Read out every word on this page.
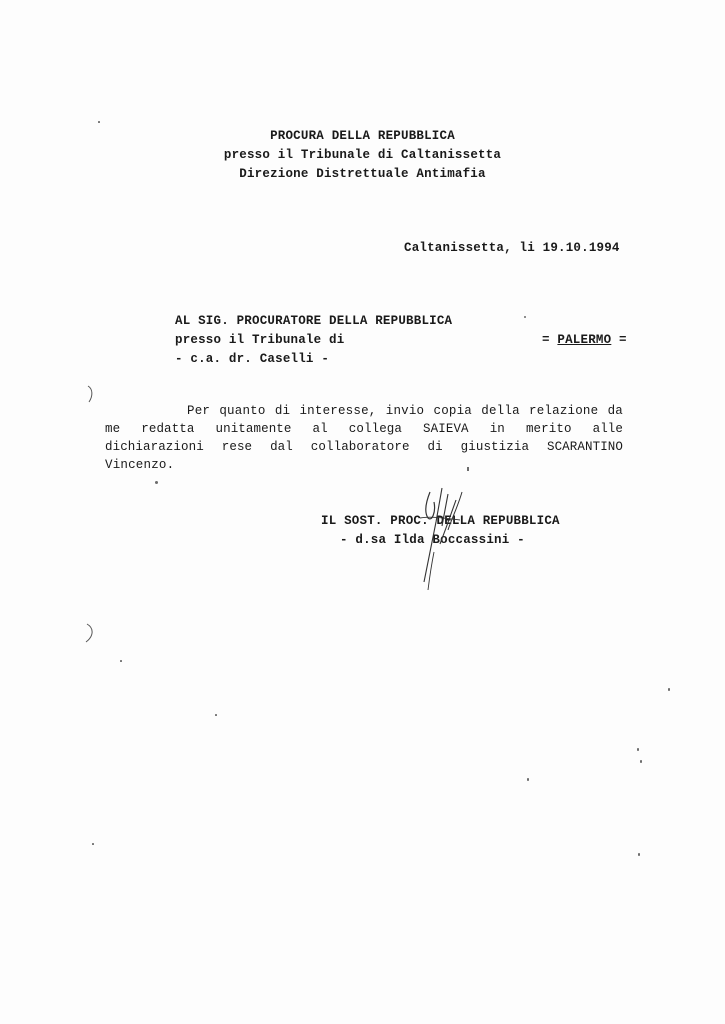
PROCURA DELLA REPUBBLICA
presso il Tribunale di Caltanissetta
Direzione Distrettuale Antimafia
Caltanissetta, li 19.10.1994
AL SIG. PROCURATORE DELLA REPUBBLICA
presso il Tribunale di	= PALERMO =
- c.a. dr. Caselli -
Per quanto di interesse, invio copia della relazione da
me redatta unitamente al collega SAIEVA in merito alle
dichiarazioni rese dal collaboratore di giustizia SCARANTINO
Vincenzo.
IL SOST. PROC. DELLA REPUBBLICA
- d.sa Ilda Boccassini -
